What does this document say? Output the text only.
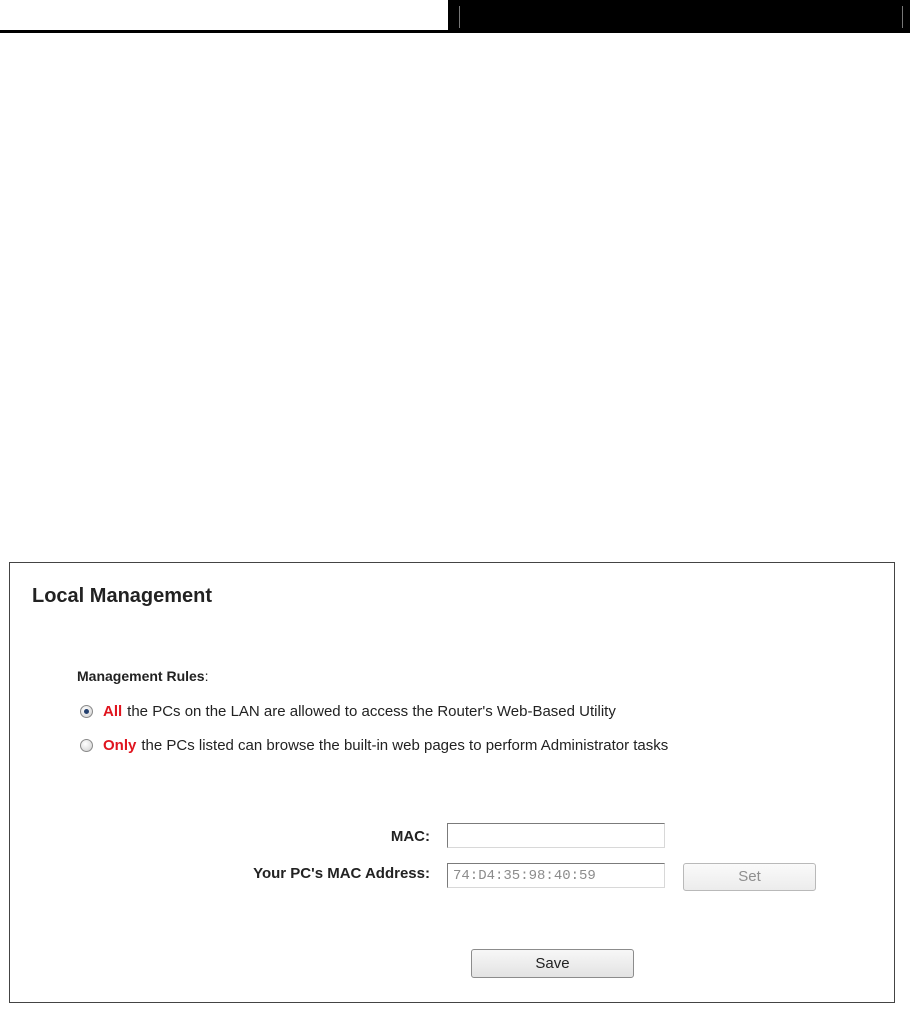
Local Management
Management Rules:
All the PCs on the LAN are allowed to access the Router's Web-Based Utility
Only the PCs listed can browse the built-in web pages to perform Administrator tasks
MAC:
Your PC's MAC Address:
74:D4:35:98:40:59	Set
Save
